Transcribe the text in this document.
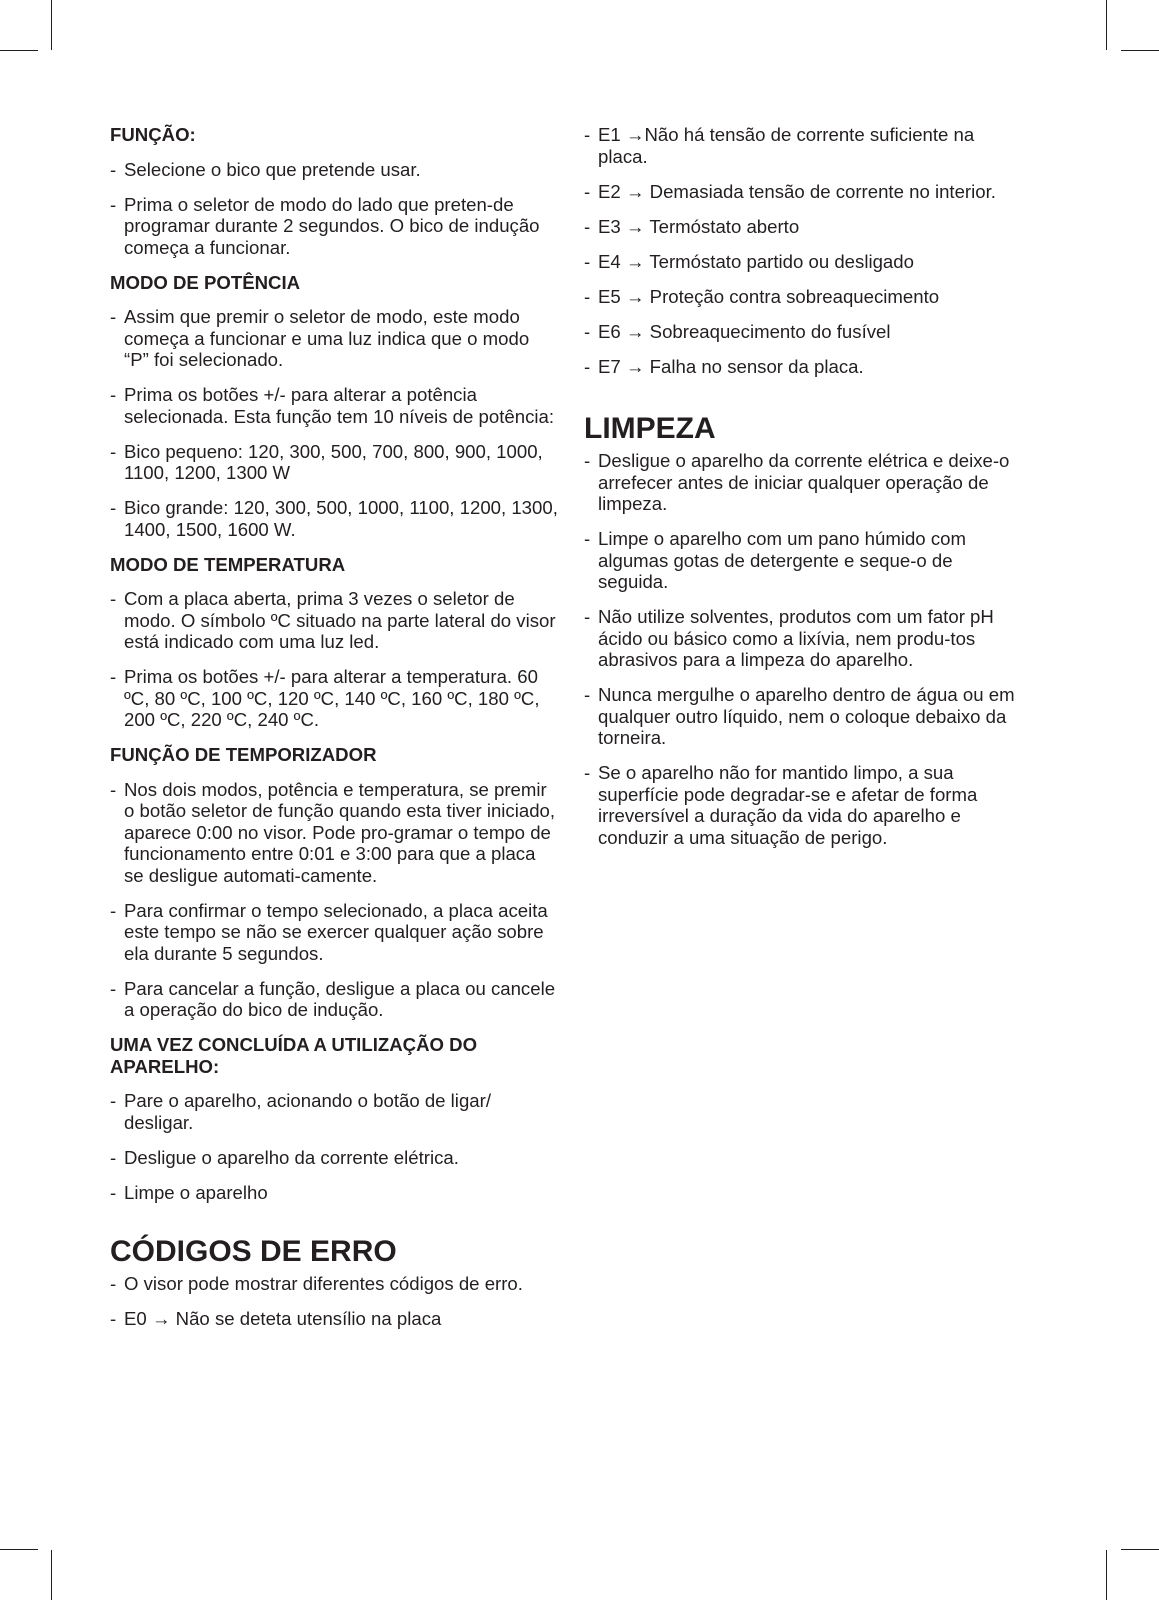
FUNÇÃO:
- Selecione o bico que pretende usar.
- Prima o seletor de modo do lado que preten-de programar durante 2 segundos. O bico de indução começa a funcionar.
MODO DE POTÊNCIA
- Assim que premir o seletor de modo, este modo começa a funcionar e uma luz indica que o modo “P” foi selecionado.
- Prima os botões +/- para alterar a potência selecionada. Esta função tem 10 níveis de potência:
- Bico pequeno: 120, 300, 500, 700, 800, 900, 1000, 1100, 1200, 1300 W
- Bico grande: 120, 300, 500, 1000, 1100, 1200, 1300, 1400, 1500, 1600 W.
MODO DE TEMPERATURA
- Com a placa aberta, prima 3 vezes o seletor de modo. O símbolo ºC situado na parte lateral do visor está indicado com uma luz led.
- Prima os botões +/- para alterar a temperatura. 60 ºC, 80 ºC, 100 ºC, 120 ºC, 140 ºC, 160 ºC, 180 ºC, 200 ºC, 220 ºC, 240 ºC.
FUNÇÃO DE TEMPORIZADOR
- Nos dois modos, potência e temperatura, se premir o botão seletor de função quando esta tiver iniciado, aparece 0:00 no visor. Pode pro-gramar o tempo de funcionamento entre 0:01 e 3:00 para que a placa se desligue automati-camente.
- Para confirmar o tempo selecionado, a placa aceita este tempo se não se exercer qualquer ação sobre ela durante 5 segundos.
- Para cancelar a função, desligue a placa ou cancele a operação do bico de indução.
UMA VEZ CONCLUÍDA A UTILIZAÇÃO DO APARELHO:
- Pare o aparelho, acionando o botão de ligar/ desligar.
- Desligue o aparelho da corrente elétrica.
- Limpe o aparelho
CÓDIGOS DE ERRO
- O visor pode mostrar diferentes códigos de erro.
- E0 → Não se deteta utensílio na placa
- E1 →Não há tensão de corrente suficiente na placa.
- E2 → Demasiada tensão de corrente no interior.
- E3 → Termóstato aberto
- E4 → Termóstato partido ou desligado
- E5 → Proteção contra sobreaquecimento
- E6 → Sobreaquecimento do fusível
- E7 → Falha no sensor da placa.
LIMPEZA
- Desligue o aparelho da corrente elétrica e deixe-o arrefecer antes de iniciar qualquer operação de limpeza.
- Limpe o aparelho com um pano húmido com algumas gotas de detergente e seque-o de seguida.
- Não utilize solventes, produtos com um fator pH ácido ou básico como a lixívia, nem produ-tos abrasivos para a limpeza do aparelho.
- Nunca mergulhe o aparelho dentro de água ou em qualquer outro líquido, nem o coloque debaixo da torneira.
- Se o aparelho não for mantido limpo, a sua superfície pode degradar-se e afetar de forma irreversível a duração da vida do aparelho e conduzir a uma situação de perigo.
